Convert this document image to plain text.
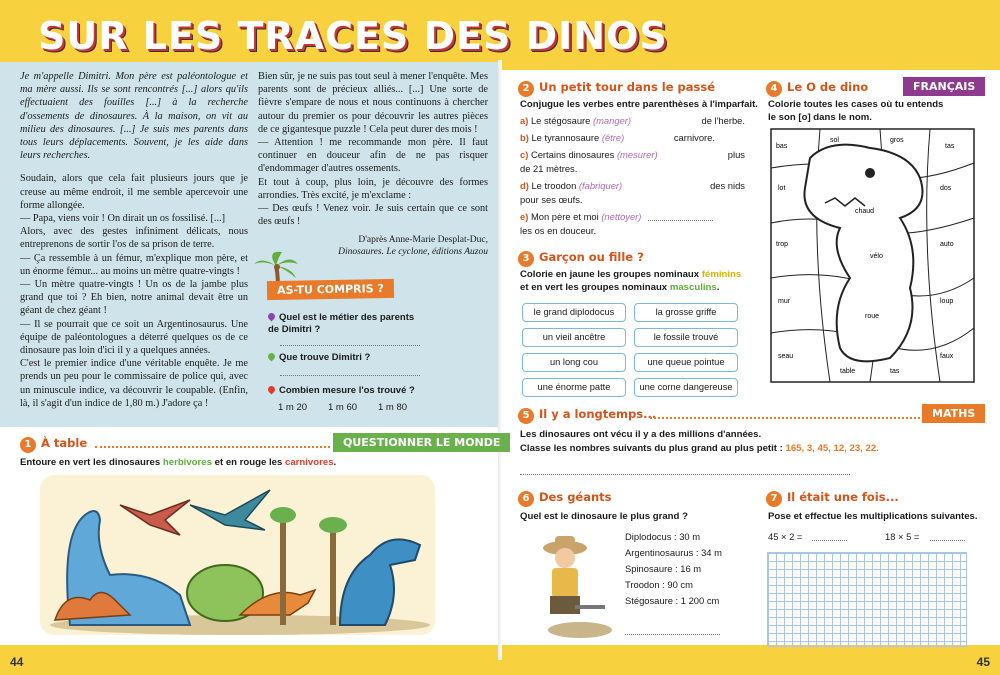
SUR LES TRACES DES DINOS

Je m'appelle Dimitri. Mon père est paléontologue et ma mère aussi. Ils se sont rencontrés [...] alors qu'ils effectuaient des fouilles [...] à la recherche d'ossements de dinosaures. À la maison, on vit au milieu des dinosaures. [...] Je suis mes parents dans tous leurs déplacements. Souvent, je les aide dans leurs recherches.

Soudain, alors que cela fait plusieurs jours que je creuse au même endroit, il me semble apercevoir une forme allongée.

— Papa, viens voir ! On dirait un os fossilisé. [...]

Alors, avec des gestes infiniment délicats, nous entreprenons de sortir l'os de sa prison de terre.

— Ça ressemble à un fémur, m'explique mon père, et un énorme fémur... au moins un mètre quatre-vingts !

— Un mètre quatre-vingts ! Un os de la jambe plus grand que toi ? Eh bien, notre animal devait être un géant de chez géant !

— Il se pourrait que ce soit un Argentinosaurus. Une équipe de paléontologues a déterré quelques os de ce dinosaure pas loin d'ici il y a quelques années.

C'est le premier indice d'une véritable enquête. Je me prends un peu pour le commissaire de police qui, avec un minuscule indice, va découvrir le coupable. (Enfin, là, il s'agit d'un indice de 1,80 m.) J'adore ça !

Bien sûr, je ne suis pas tout seul à mener l'enquête. Mes parents sont de précieux alliés... [...] Une sorte de fièvre s'empare de nous et nous continuons à chercher autour du premier os pour découvrir les autres pièces de ce gigantesque puzzle ! Cela peut durer des mois !

— Attention ! me recommande mon père. Il faut continuer en douceur afin de ne pas risquer d'endommager d'autres ossements.

Et tout à coup, plus loin, je découvre des formes arrondies. Très excité, je m'exclame :

— Des œufs ! Venez voir. Je suis certain que ce sont des œufs !

D'après Anne-Marie Desplat-Duc,

Dinosaures. Le cyclone, éditions Auzou

AS-TU COMPRIS ?
Quel est le métier des parents de Dimitri ?
Que trouve Dimitri ?
Combien mesure l'os trouvé ?
1 m 20 1 m 60 1 m 80
1 À table	QUESTIONNER LE MONDE
Entoure en vert les dinosaures herbivores et en rouge les carnivores.
2 Un petit tour dans le passé
Conjugue les verbes entre parenthèses à l'imparfait.
a) Le stégosaure (manger)	de l'herbe.
b) Le tyrannosaure (être)	carnivore.
c) Certains dinosaures (mesurer)	plus
de 21 mètres.
d) Le troodon (fabriquer)	des nids
pour ses œufs.
e) Mon père et moi (nettoyer)
les os en douceur.
3 Garçon ou fille ?
Colorie en jaune les groupes nominaux féminins
et en vert les groupes nominaux masculins.
le grand diplodocus	la grosse griffe
un vieil ancêtre	le fossile trouvé
un long cou	une queue pointue
une énorme patte	une corne dangereuse
4 Le O de dino	FRANÇAIS
Colorie toutes les cases où tu entends
le son [o] dans le nom.
bas
sol	gros
tas
lot	dos
trop
chaud
auto
mur	loup
seau
table	tas
faux
vélo
roue
5 Il y a longtemps...	MATHS
Les dinosaures ont vécu il y a des millions d'années.
Classe les nombres suivants du plus grand au plus petit : 165, 3, 45, 12, 23, 22.
6 Des géants
Quel est le dinosaure le plus grand ?
Diplodocus : 30 m
Argentinosaurus : 34 m
Spinosaure : 16 m
Troodon : 90 cm
Stégosaure : 1 200 cm
7 Il était une fois...
Pose et effectue les multiplications suivantes.
45 × 2 =	18 × 5 =
44	45
